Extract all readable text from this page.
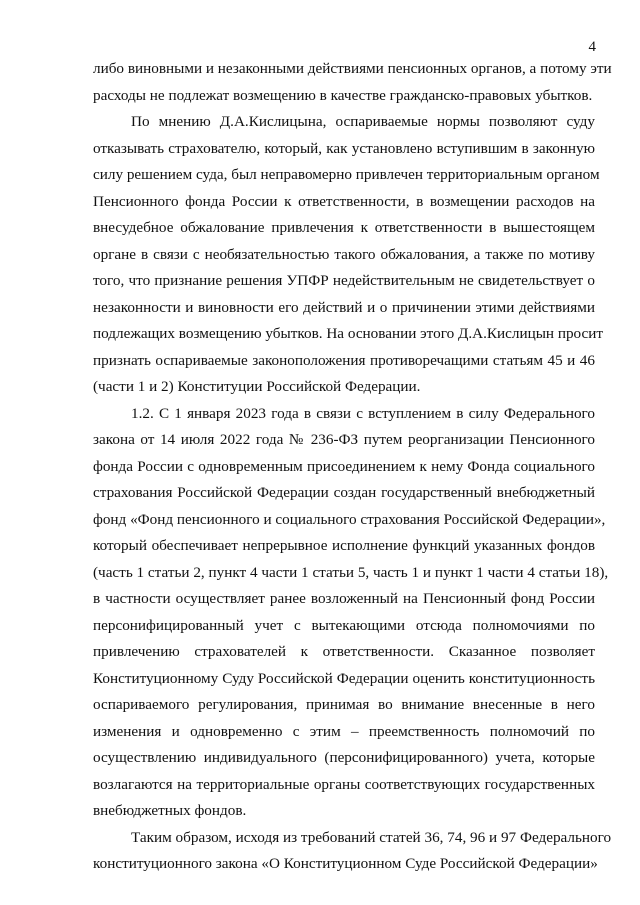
4
либо виновными и незаконными действиями пенсионных органов, а потому эти
расходы не подлежат возмещению в качестве гражданско-правовых убытков.
По мнению Д.А.Кислицына, оспариваемые нормы позволяют суду
отказывать страхователю, который, как установлено вступившим в законную
силу решением суда, был неправомерно привлечен территориальным органом
Пенсионного фонда России к ответственности, в возмещении расходов на
внесудебное обжалование привлечения к ответственности в вышестоящем
органе в связи с необязательностью такого обжалования, а также по мотиву
того, что признание решения УПФР недействительным не свидетельствует о
незаконности и виновности его действий и о причинении этими действиями
подлежащих возмещению убытков. На основании этого Д.А.Кислицын просит
признать оспариваемые законоположения противоречащими статьям 45 и 46
(части 1 и 2) Конституции Российской Федерации.
1.2. С 1 января 2023 года в связи с вступлением в силу Федерального
закона от 14 июля 2022 года № 236-ФЗ путем реорганизации Пенсионного
фонда России с одновременным присоединением к нему Фонда социального
страхования Российской Федерации создан государственный внебюджетный
фонд «Фонд пенсионного и социального страхования Российской Федерации»,
который обеспечивает непрерывное исполнение функций указанных фондов
(часть 1 статьи 2, пункт 4 части 1 статьи 5, часть 1 и пункт 1 части 4 статьи 18),
в частности осуществляет ранее возложенный на Пенсионный фонд России
персонифицированный учет с вытекающими отсюда полномочиями по
привлечению страхователей к ответственности. Сказанное позволяет
Конституционному Суду Российской Федерации оценить конституционность
оспариваемого регулирования, принимая во внимание внесенные в него
изменения и одновременно с этим – преемственность полномочий по
осуществлению индивидуального (персонифицированного) учета, которые
возлагаются на территориальные органы соответствующих государственных
внебюджетных фондов.
Таким образом, исходя из требований статей 36, 74, 96 и 97 Федерального
конституционного закона «О Конституционном Суде Российской Федерации»
